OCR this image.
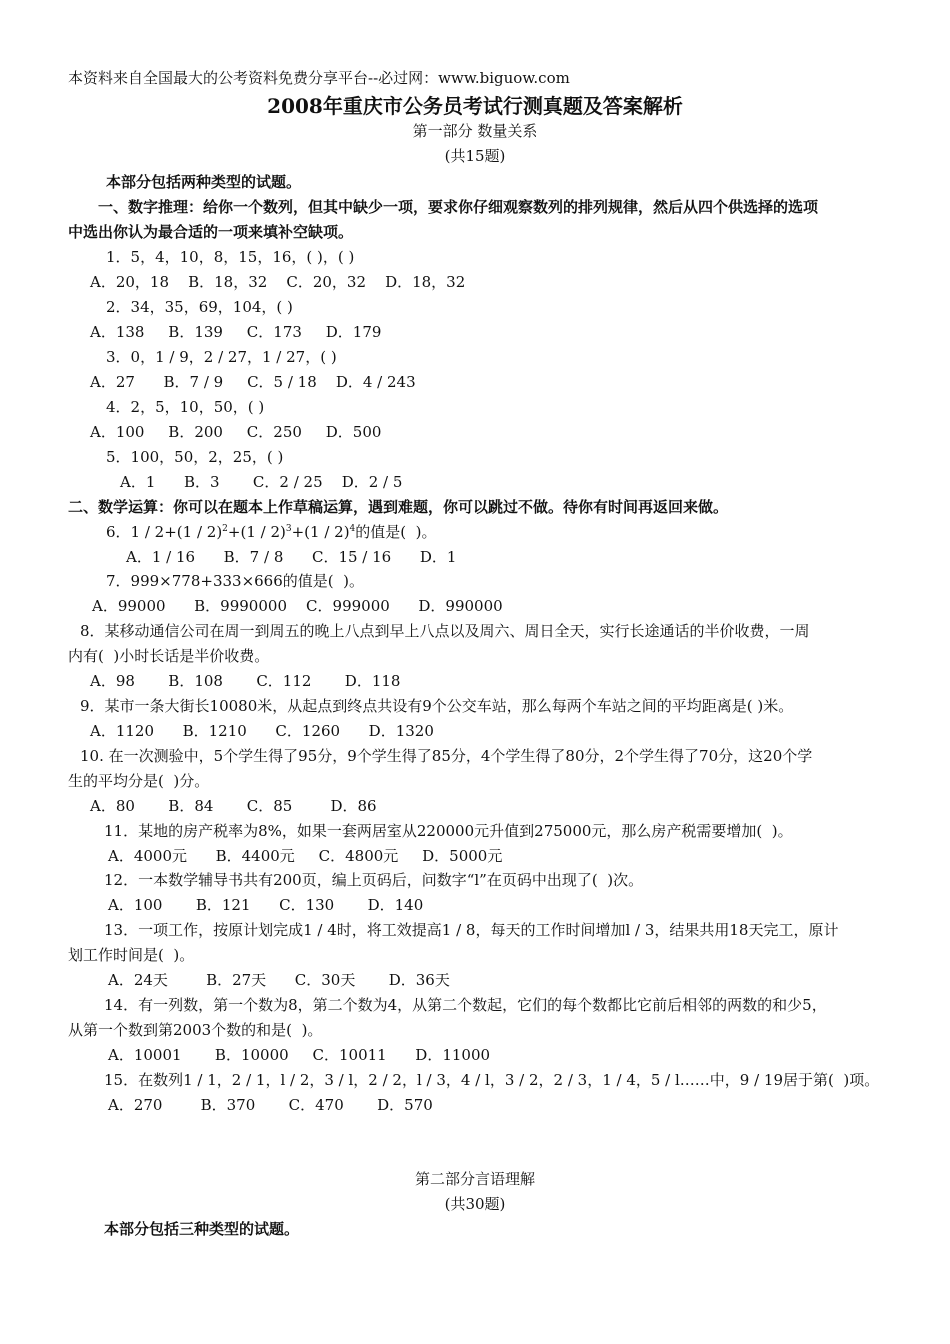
本资料来自全国最大的公考资料免费分享平台--必过网：www.biguow.com
2008年重庆市公务员考试行测真题及答案解析
第一部分 数量关系
(共15题)
本部分包括两种类型的试题。
一、数字推理：给你一个数列，但其中缺少一项，要求你仔细观察数列的排列规律，然后从四个供选择的选项
中选出你认为最合适的一项来填补空缺项。
1．5，4，10，8，15，16，( )，( )
A．20，18    B．18，32    C．20，32    D．18，32
2．34，35，69，104，( )
A．138     B．139     C．173     D．179
3．0，1 / 9，2 / 27，1 / 27，( )
A．27      B．7 / 9     C．5 / 18    D．4 / 243
4．2，5，10，50，( )
A．100     B．200     C．250     D．500
5．100，50，2，25，( )
A．1      B．3       C．2 / 25    D．2 / 5
二、数学运算：你可以在题本上作草稿运算，遇到难题，你可以跳过不做。待你有时间再返回来做。
6．1 / 2+(1 / 2)$^2$+(1 / 2)$^3$+(1 / 2)$^4$的值是(  )。
A．1 / 16      B．7 / 8      C．15 / 16      D．1
7．999×778+333×666的值是(  )。
A．99000      B．9990000    C．999000      D．990000
8．某移动通信公司在周一到周五的晚上八点到早上八点以及周六、周日全天，实行长途通话的半价收费，一周
内有(  )小时长话是半价收费。
A．98       B．108       C．112       D．118
9．某市一条大街长10080米，从起点到终点共设有9个公交车站，那么每两个车站之间的平均距离是( )米。
A．1120      B．1210      C．1260      D．1320
10. 在一次测验中，5个学生得了95分，9个学生得了85分，4个学生得了80分，2个学生得了70分，这20个学
生的平均分是(  )分。
A．80       B．84       C．85        D．86
11．某地的房产税率为8%，如果一套两居室从220000元升值到275000元，那么房产税需要增加(  )。
A．4000元      B．4400元     C．4800元     D．5000元
12．一本数学辅导书共有200页，编上页码后，问数字“l”在页码中出现了(  )次。
A．100       B．121      C．130       D．140
13．一项工作，按原计划完成1 / 4时，将工效提高1 / 8，每天的工作时间增加l / 3，结果共用18天完工，原计
划工作时间是(  )。
A．24天        B．27天      C．30天       D．36天
14．有一列数，第一个数为8，第二个数为4，从第二个数起，它们的每个数都比它前后相邻的两数的和少5，
从第一个数到第2003个数的和是(  )。
A．10001       B．10000     C．10011      D．11000
15．在数列1 / 1，2 / 1，l / 2，3 / l，2 / 2，l / 3，4 / l，3 / 2，2 / 3，1 / 4，5 / l……中，9 / 19居于第(  )项。
A．270        B．370       C．470       D．570
第二部分言语理解
(共30题)
本部分包括三种类型的试题。
